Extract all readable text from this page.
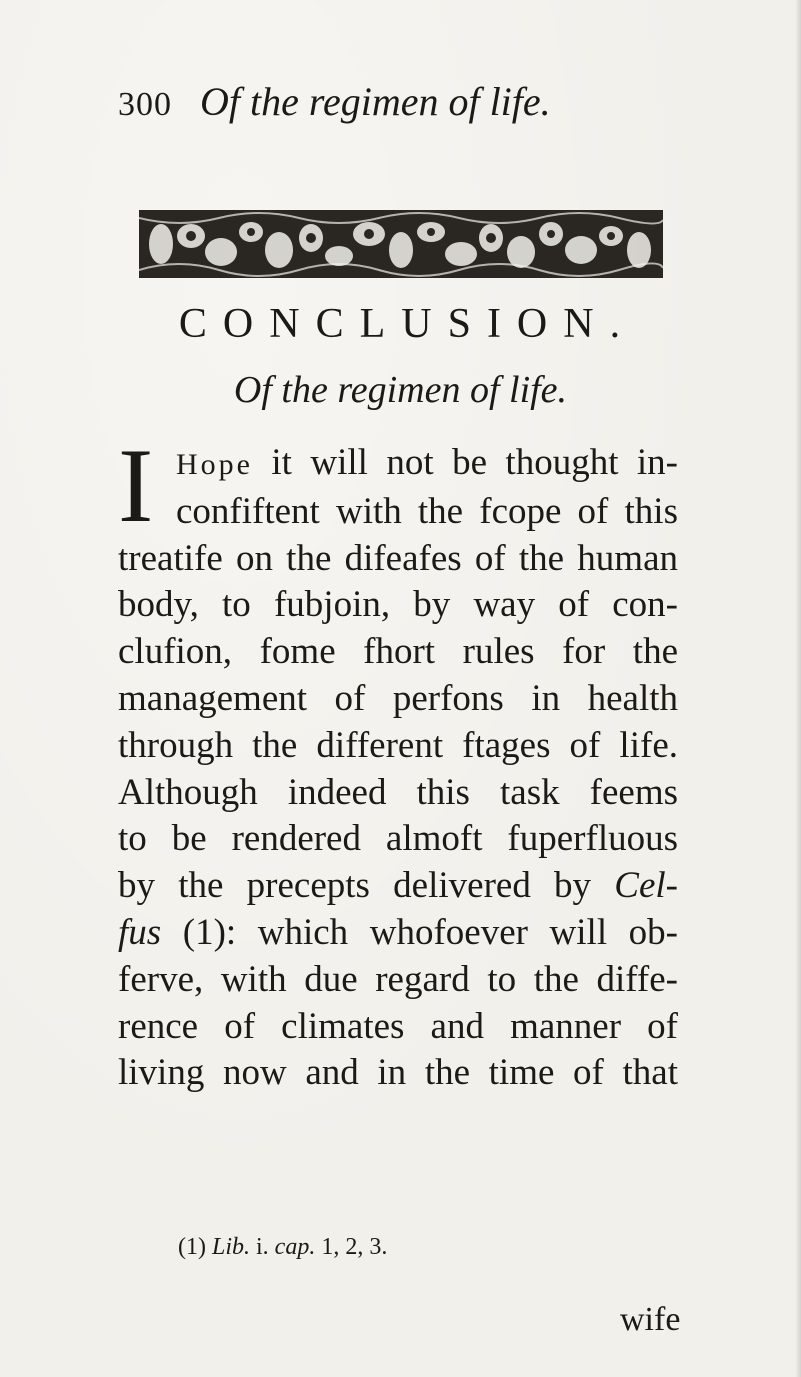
300 Of the regimen of life.
CONCLUSION.
Of the regimen of life.
I Hope it will not be thought in-
confiftent with the fcope of this
treatife on the difeafes of the human
body, to fubjoin, by way of con-
clufion, fome fhort rules for the
management of perfons in health
through the different ftages of life.
Although indeed this task feems
to be rendered almoft fuperfluous
by the precepts delivered by Cel-
fus (1): which whofoever will ob-
ferve, with due regard to the diffe-
rence of climates and manner of
living now and in the time of that
(1) Lib. i. cap. 1, 2, 3.
wife
